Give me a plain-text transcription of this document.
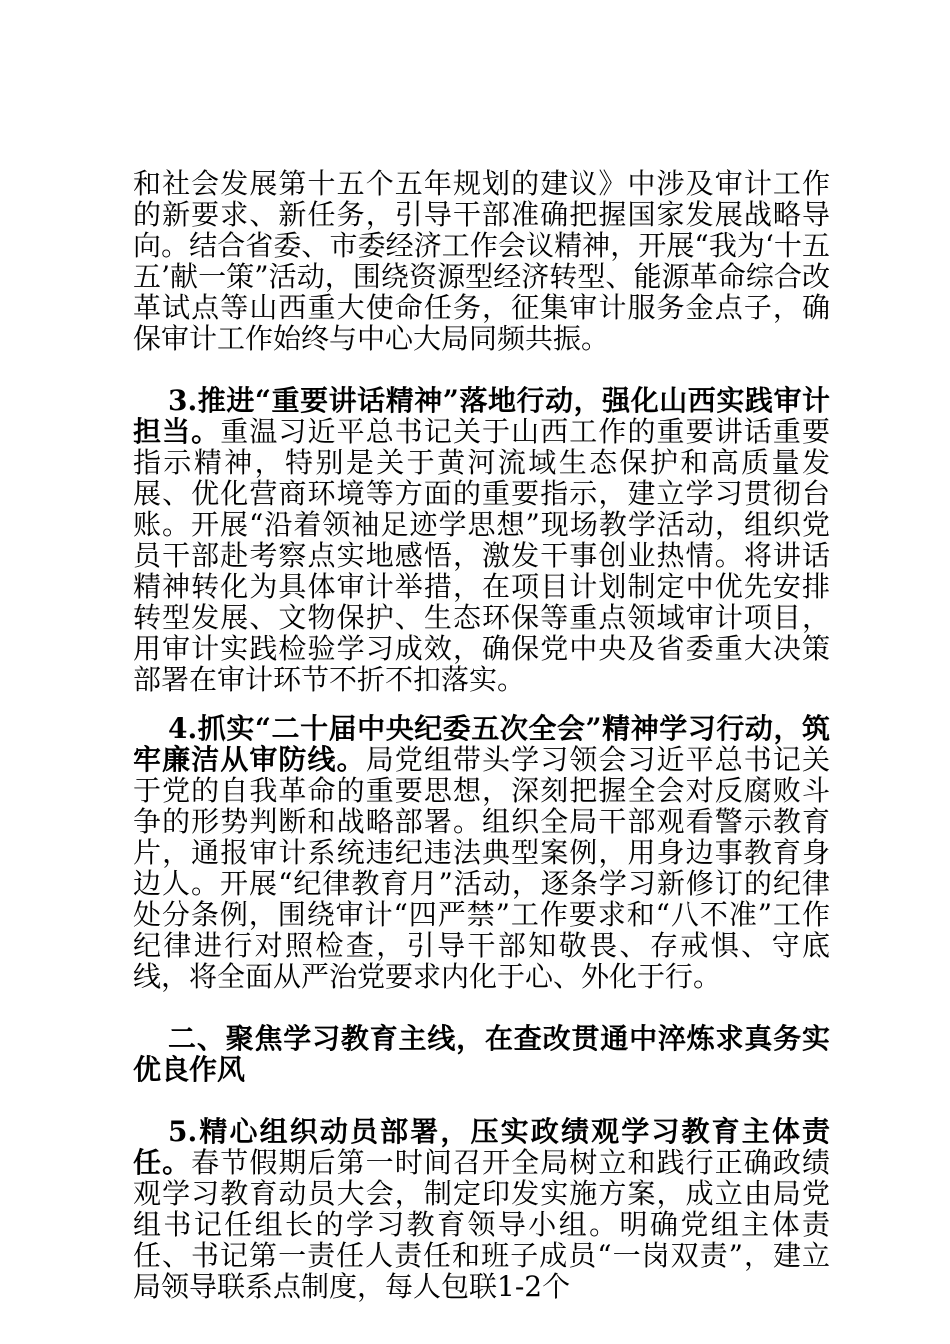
和社会发展第十五个五年规划的建议》中涉及审计工作的新要求、新任务，引导干部准确把握国家发展战略导向。结合省委、市委经济工作会议精神，开展“我为‘十五五’献一策”活动，围绕资源型经济转型、能源革命综合改革试点等山西重大使命任务，征集审计服务金点子，确保审计工作始终与中心大局同频共振。

3.推进“重要讲话精神”落地行动，强化山西实践审计担当。重温习近平总书记关于山西工作的重要讲话重要指示精神，特别是关于黄河流域生态保护和高质量发展、优化营商环境等方面的重要指示，建立学习贯彻台账。开展“沿着领袖足迹学思想”现场教学活动，组织党员干部赴考察点实地感悟，激发干事创业热情。将讲话精神转化为具体审计举措，在项目计划制定中优先安排转型发展、文物保护、生态环保等重点领域审计项目，用审计实践检验学习成效，确保党中央及省委重大决策部署在审计环节不折不扣落实。

4.抓实“二十届中央纪委五次全会”精神学习行动，筑牢廉洁从审防线。局党组带头学习领会习近平总书记关于党的自我革命的重要思想，深刻把握全会对反腐败斗争的形势判断和战略部署。组织全局干部观看警示教育片，通报审计系统违纪违法典型案例，用身边事教育身边人。开展“纪律教育月”活动，逐条学习新修订的纪律处分条例，围绕审计“四严禁”工作要求和“八不准”工作纪律进行对照检查，引导干部知敬畏、存戒惧、守底线，将全面从严治党要求内化于心、外化于行。

二、聚焦学习教育主线，在查改贯通中淬炼求真务实优良作风

5.精心组织动员部署，压实政绩观学习教育主体责任。春节假期后第一时间召开全局树立和践行正确政绩观学习教育动员大会，制定印发实施方案，成立由局党组书记任组长的学习教育领导小组。明确党组主体责任、书记第一责任人责任和班子成员“一岗双责”，建立局领导联系点制度，每人包联1-2个
